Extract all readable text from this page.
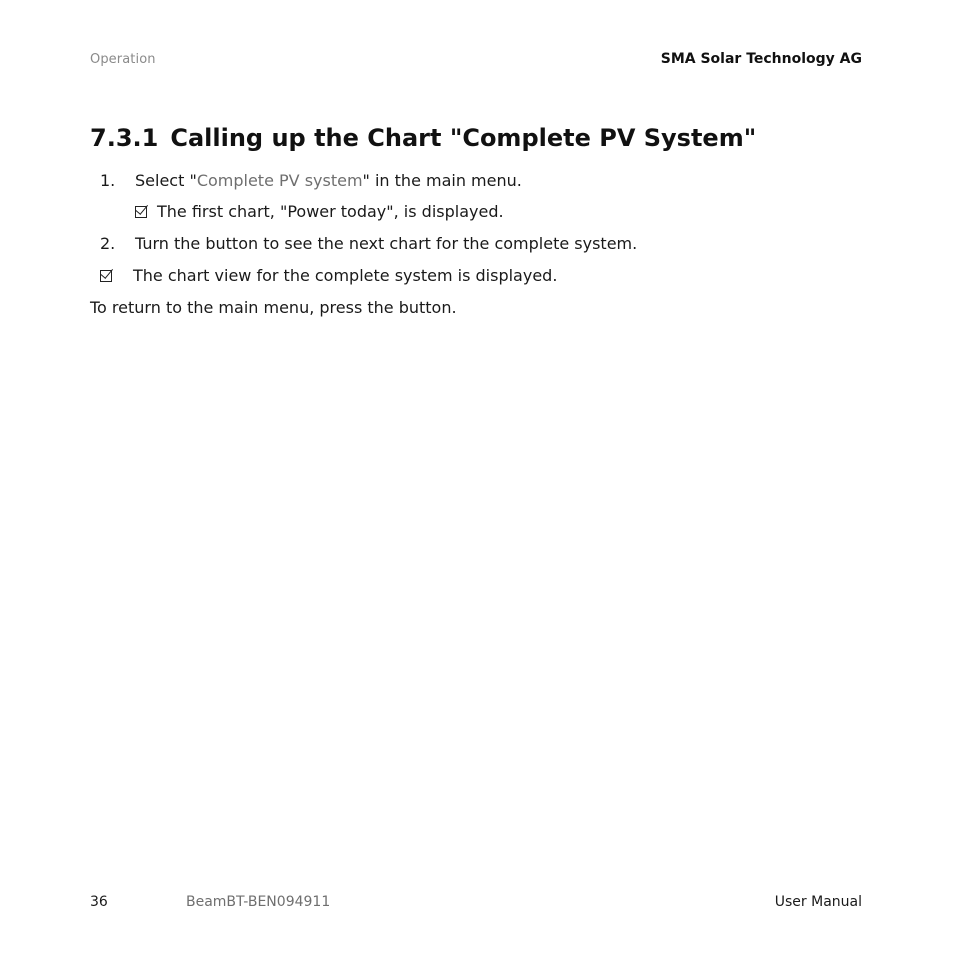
Operation	SMA Solar Technology AG
7.3.1 Calling up the Chart "Complete PV System"
1. Select "Complete PV system" in the main menu.
The first chart, "Power today", is displayed.
2. Turn the button to see the next chart for the complete system.
The chart view for the complete system is displayed.
To return to the main menu, press the button.
36	BeamBT-BEN094911	User Manual
